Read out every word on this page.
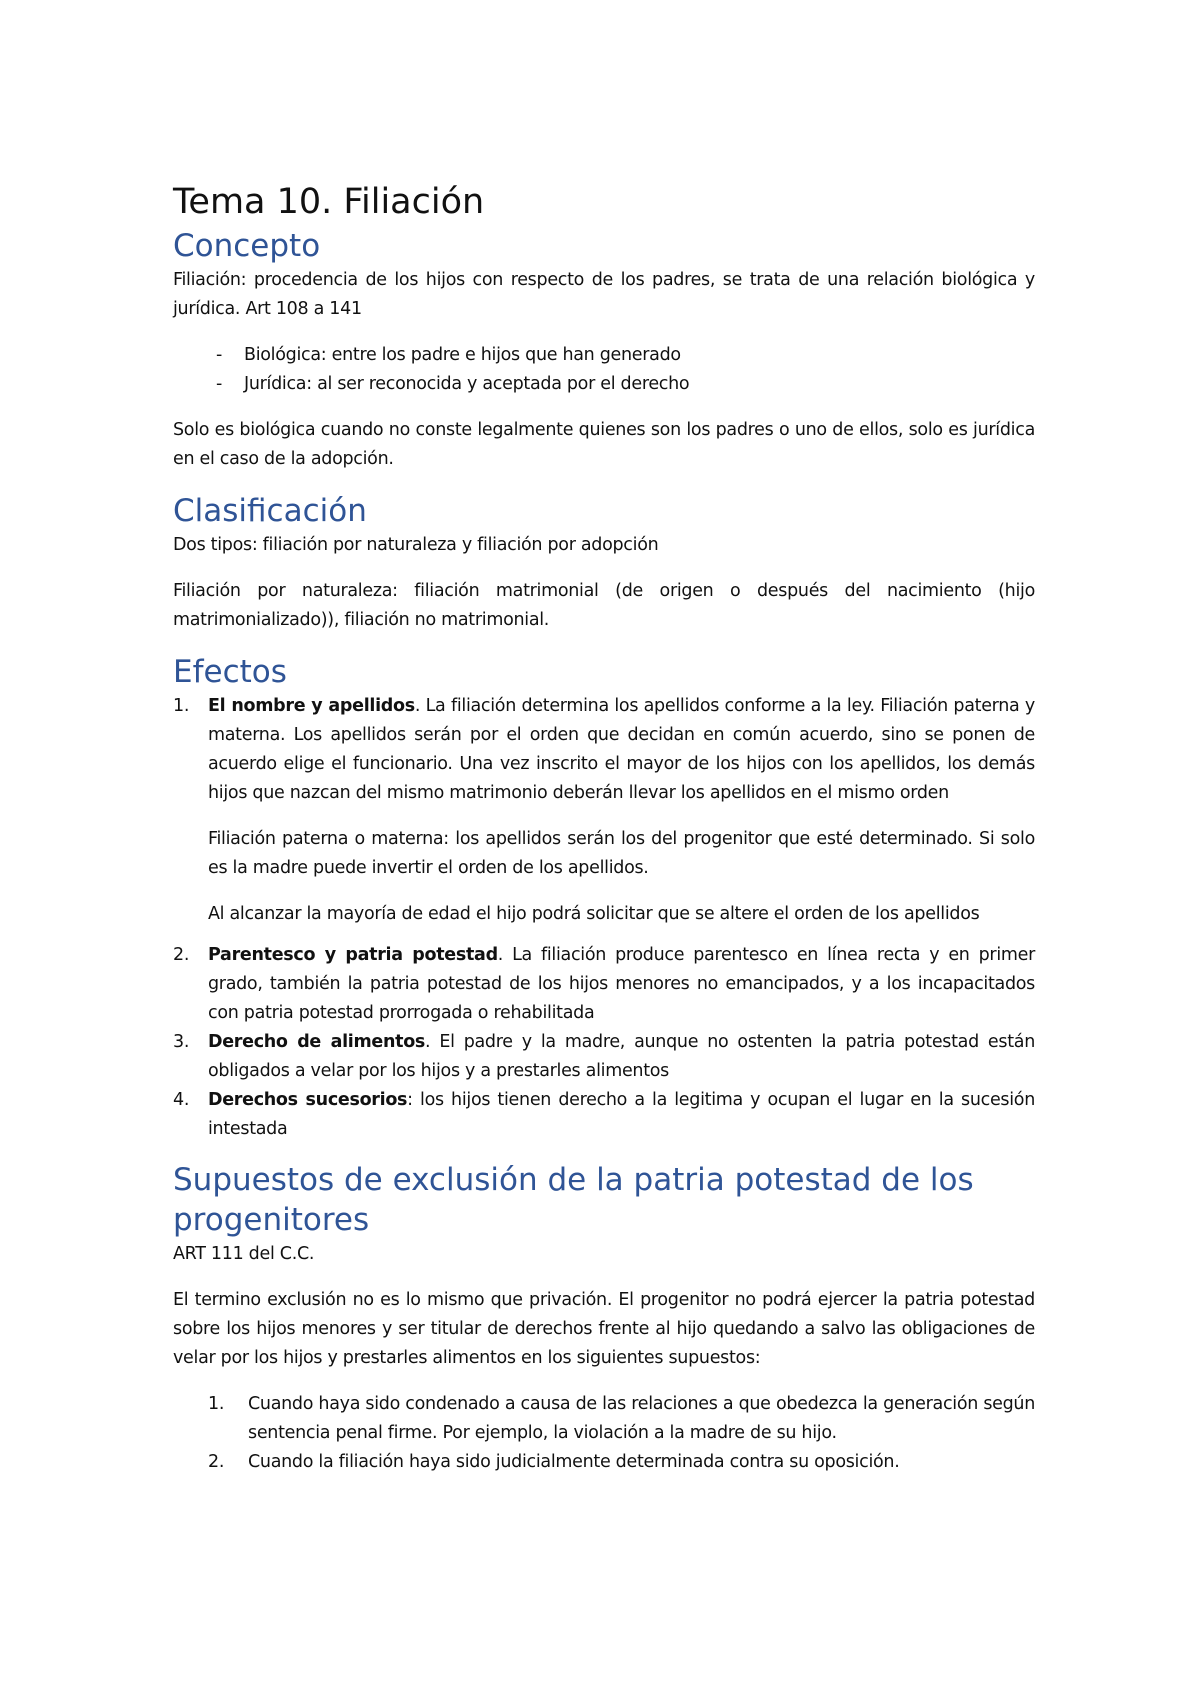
Tema 10. Filiación
Concepto

Filiación: procedencia de los hijos con respecto de los padres, se trata de una relación biológica y jurídica. Art 108 a 141

- Biológica: entre los padre e hijos que han generado
- Jurídica: al ser reconocida y aceptada por el derecho

Solo es biológica cuando no conste legalmente quienes son los padres o uno de ellos, solo es jurídica en el caso de la adopción.

Clasificación

Dos tipos: filiación por naturaleza y filiación por adopción

Filiación por naturaleza: filiación matrimonial (de origen o después del nacimiento (hijo matrimonializado)), filiación no matrimonial.

Efectos
1. El nombre y apellidos. La filiación determina los apellidos conforme a la ley. Filiación paterna y materna. Los apellidos serán por el orden que decidan en común acuerdo, sino se ponen de acuerdo elige el funcionario. Una vez inscrito el mayor de los hijos con los apellidos, los demás hijos que nazcan del mismo matrimonio deberán llevar los apellidos en el mismo orden

Filiación paterna o materna: los apellidos serán los del progenitor que esté determinado. Si solo es la madre puede invertir el orden de los apellidos.

Al alcanzar la mayoría de edad el hijo podrá solicitar que se altere el orden de los apellidos

2. Parentesco y patria potestad. La filiación produce parentesco en línea recta y en primer grado, también la patria potestad de los hijos menores no emancipados, y a los incapacitados con patria potestad prorrogada o rehabilitada
3. Derecho de alimentos. El padre y la madre, aunque no ostenten la patria potestad están obligados a velar por los hijos y a prestarles alimentos
4. Derechos sucesorios: los hijos tienen derecho a la legitima y ocupan el lugar en la sucesión intestada
Supuestos de exclusión de la patria potestad de los progenitores

ART 111 del C.C.

El termino exclusión no es lo mismo que privación. El progenitor no podrá ejercer la patria potestad sobre los hijos menores y ser titular de derechos frente al hijo quedando a salvo las obligaciones de velar por los hijos y prestarles alimentos en los siguientes supuestos:

1. Cuando haya sido condenado a causa de las relaciones a que obedezca la generación según sentencia penal firme. Por ejemplo, la violación a la madre de su hijo.
2. Cuando la filiación haya sido judicialmente determinada contra su oposición.
